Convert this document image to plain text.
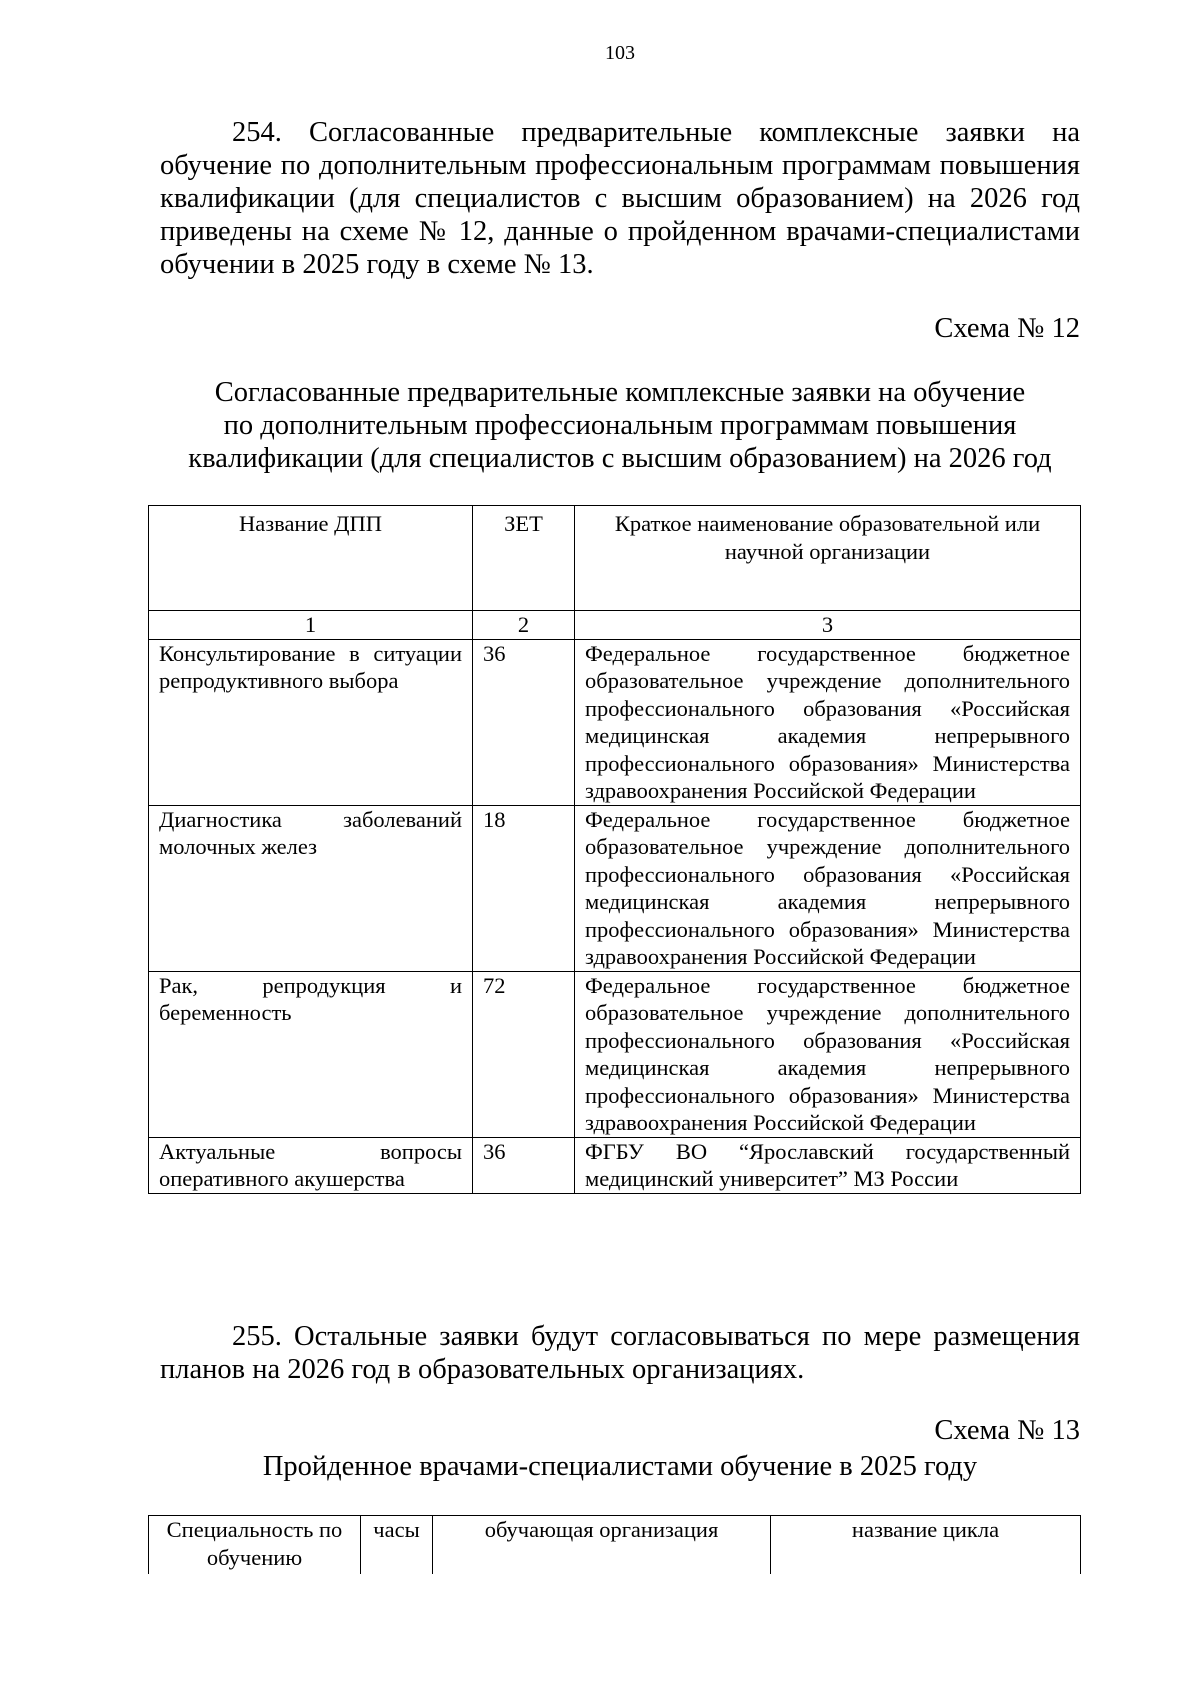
103
254. Согласованные предварительные комплексные заявки на
обучение по дополнительным профессиональным программам повышения
квалификации (для специалистов с высшим образованием) на 2026 год
приведены на схеме № 12, данные о пройденном врачами-специалистами
обучении в 2025 году в схеме № 13.
Схема № 12
Согласованные предварительные комплексные заявки на обучение
по дополнительным профессиональным программам повышения
квалификации (для специалистов с высшим образованием) на 2026 год
Название ДПП	ЗЕТ	Краткое наименование образовательной или научной организации
1	2	3
Консультирование в ситуации репродуктивного выбора	36	Федеральное государственное бюджетное образовательное учреждение дополнительного профессионального образования «Российская медицинская академия непрерывного профессионального образования» Министерства здравоохранения Российской Федерации
Диагностика заболеваний молочных желез	18	Федеральное государственное бюджетное образовательное учреждение дополнительного профессионального образования «Российская медицинская академия непрерывного профессионального образования» Министерства здравоохранения Российской Федерации
Рак, репродукция и беременность	72	Федеральное государственное бюджетное образовательное учреждение дополнительного профессионального образования «Российская медицинская академия непрерывного профессионального образования» Министерства здравоохранения Российской Федерации
Актуальные вопросы оперативного акушерства	36	ФГБУ ВО “Ярославский государственный медицинский университет” МЗ России
255. Остальные заявки будут согласовываться по мере размещения
планов на 2026 год в образовательных организациях.
Схема № 13
Пройденное врачами-специалистами обучение в 2025 году
Специальность по обучению	часы	обучающая организация	название цикла
